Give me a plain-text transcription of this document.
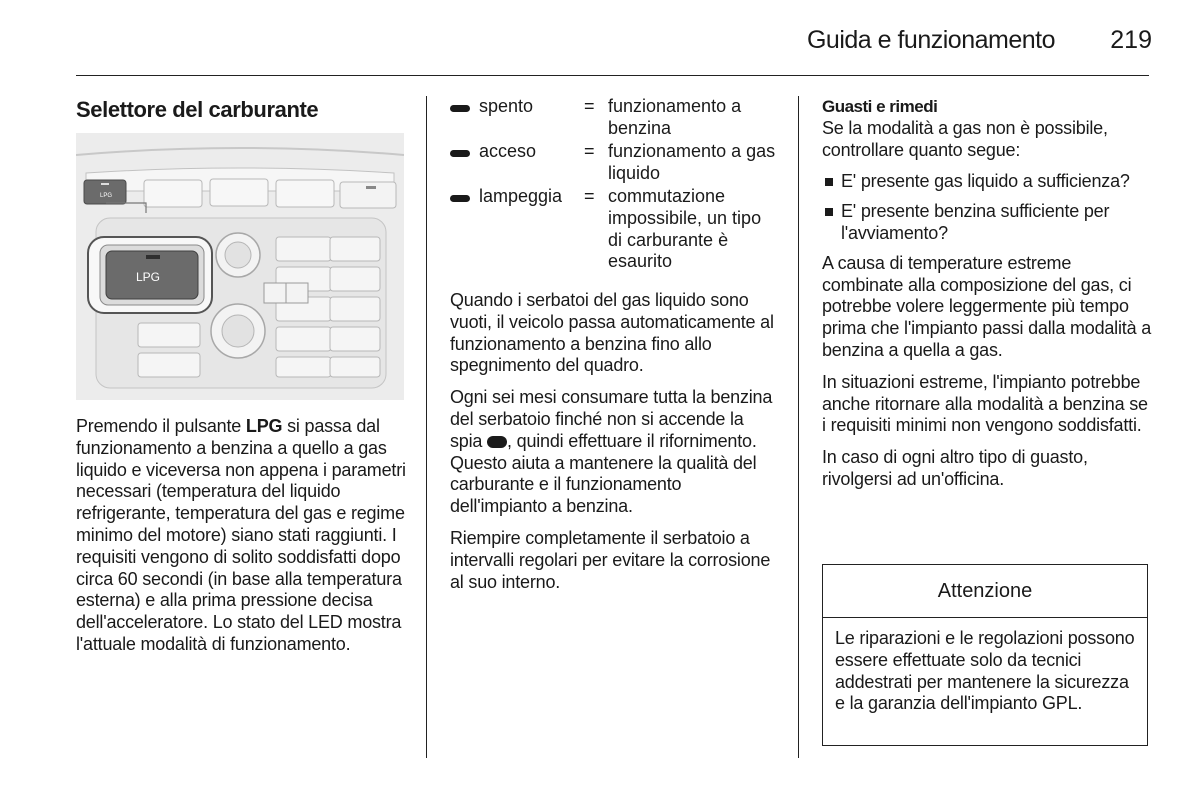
Guida e funzionamento 219
Selettore del carburante
LPG
LPG

Premendo il pulsante LPG si passa dal funzionamento a benzina a quello a gas liquido e viceversa non appena i parametri necessari (temperatura del liquido refrigerante, temperatura del gas e regime minimo del motore) siano stati raggiunti. I requisiti vengono di solito soddisfatti dopo circa 60 secondi (in base alla temperatura esterna) e alla prima pressione decisa dell'acceleratore. Lo stato del LED mostra l'attuale modalità di funzionamento.

spento	= funzionamento a benzina
acceso	= funzionamento a gas liquido
lampeggia = commutazione impossibile, un tipo di carburante è esaurito

Quando i serbatoi del gas liquido sono vuoti, il veicolo passa automaticamente al funzionamento a benzina fino allo spegnimento del quadro.

Ogni sei mesi consumare tutta la benzina del serbatoio finché non si accende la spia , quindi effettuare il rifornimento. Questo aiuta a mantenere la qualità del carburante e il funzionamento dell'impianto a benzina.

Riempire completamente il serbatoio a intervalli regolari per evitare la corrosione al suo interno.

Guasti e rimedi

Se la modalità a gas non è possibile, controllare quanto segue:

E' presente gas liquido a sufficienza?
E' presente benzina sufficiente per l'avviamento?

A causa di temperature estreme combinate alla composizione del gas, ci potrebbe volere leggermente più tempo prima che l'impianto passi dalla modalità a benzina a quella a gas.

In situazioni estreme, l'impianto potrebbe anche ritornare alla modalità a benzina se i requisiti minimi non vengono soddisfatti.

In caso di ogni altro tipo di guasto, rivolgersi ad un'officina.

Attenzione
Le riparazioni e le regolazioni possono essere effettuate solo da tecnici addestrati per mantenere la sicurezza e la garanzia dell'impianto GPL.
